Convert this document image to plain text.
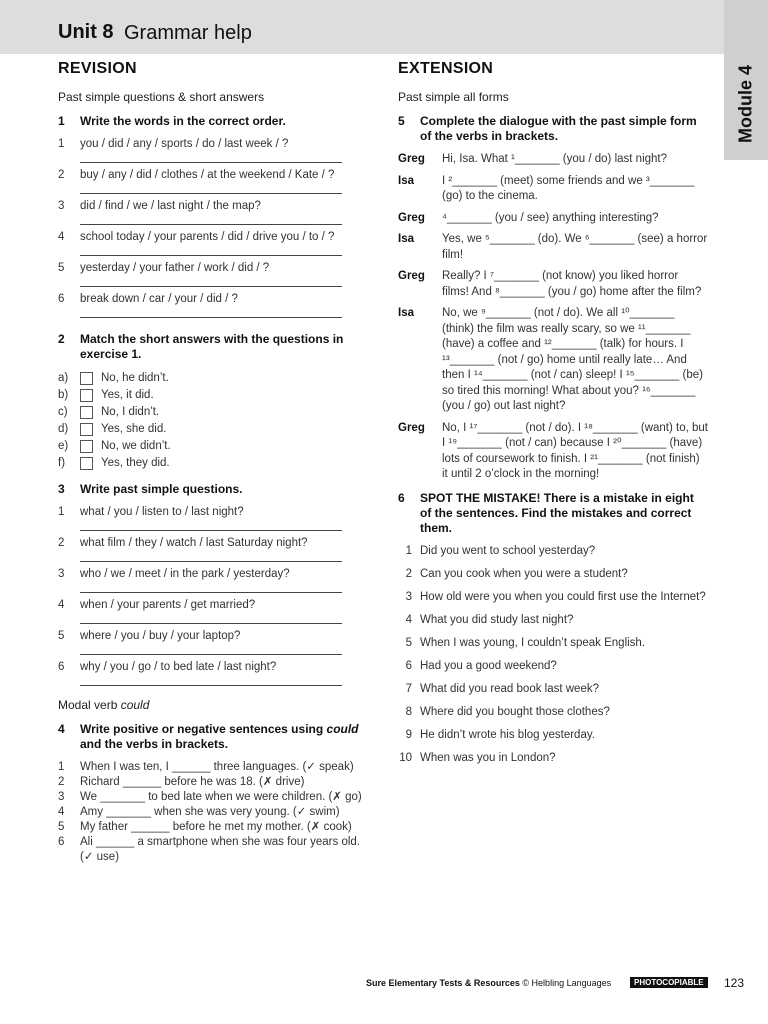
Unit 8 Grammar help
Module 4
REVISION
Past simple questions & short answers
1	Write the words in the correct order.
1	you / did / any / sports / do / last week / ?
2	buy / any / did / clothes / at the weekend / Kate / ?
3	did / find / we / last night / the map?
4	school today / your parents / did / drive you / to / ?
5	yesterday / your father / work / did / ?
6	break down / car / your / did / ?
2	Match the short answers with the questions in exercise 1.
a)	No, he didn’t.
b)	Yes, it did.
c)	No, I didn’t.
d)	Yes, she did.
e)	No, we didn’t.
f)	Yes, they did.
3	Write past simple questions.
1	what / you / listen to / last night?
2	what film / they / watch / last Saturday night?
3	who / we / meet / in the park / yesterday?
4	when / your parents / get married?
5	where / you / buy / your laptop?
6	why / you / go / to bed late / last night?
Modal verb could
4	Write positive or negative sentences using could and the verbs in brackets.
1	When I was ten, I ______ three languages. (✓ speak)
2	Richard ______ before he was 18. (✗ drive)
3	We _______ to bed late when we were children. (✗ go)
4	Amy _______ when she was very young. (✓ swim)
5	My father ______ before he met my mother. (✗ cook)
6	Ali ______ a smartphone when she was four years old. (✓ use)
EXTENSION
Past simple all forms
5	Complete the dialogue with the past simple form of the verbs in brackets.
Greg	Hi, Isa. What ¹_______ (you / do) last night?
Isa	I ²_______ (meet) some friends and we ³_______ (go) to the cinema.
Greg	⁴_______ (you / see) anything interesting?
Isa	Yes, we ⁵_______ (do). We ⁶_______ (see) a horror film!
Greg	Really? I ⁷_______ (not know) you liked horror films! And ⁸_______ (you / go) home after the film?
Isa	No, we ⁹_______ (not / do). We all ¹⁰_______ (think) the film was really scary, so we ¹¹_______ (have) a coffee and ¹²_______ (talk) for hours. I ¹³_______ (not / go) home until really late… And then I ¹⁴_______ (not / can) sleep! I ¹⁵_______ (be) so tired this morning! What about you? ¹⁶_______ (you / go) out last night?
Greg	No, I ¹⁷_______ (not / do). I ¹⁸_______ (want) to, but I ¹⁹_______ (not / can) because I ²⁰_______ (have) lots of coursework to finish. I ²¹_______ (not finish) it until 2 o’clock in the morning!
6	SPOT THE MISTAKE! There is a mistake in eight of the sentences. Find the mistakes and correct them.
1 Did you went to school yesterday?
2 Can you cook when you were a student?
3 How old were you when you could first use the Internet?
4 What you did study last night?
5 When I was young, I couldn’t speak English.
6 Had you a good weekend?
7 What did you read book last week?
8 Where did you bought those clothes?
9 He didn’t wrote his blog yesterday.
10 When was you in London?
Sure Elementary Tests & Resources © Helbling Languages	PHOTOCOPIABLE	123
